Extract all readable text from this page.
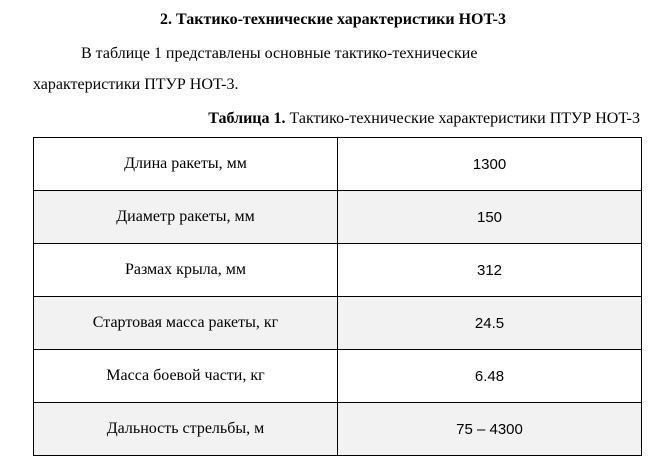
2. Тактико-технические характеристики HOT-3

В таблице 1 представлены основные тактико-технические

характеристики ПТУР HOT-3.

Таблица 1. Тактико-технические характеристики ПТУР HOT-3

Длина ракеты, мм	1300
Диаметр ракеты, мм	150
Размах крыла, мм	312
Стартовая масса ракеты, кг	24.5
Масса боевой части, кг	6.48
Дальность стрельбы, м	75 – 4300
